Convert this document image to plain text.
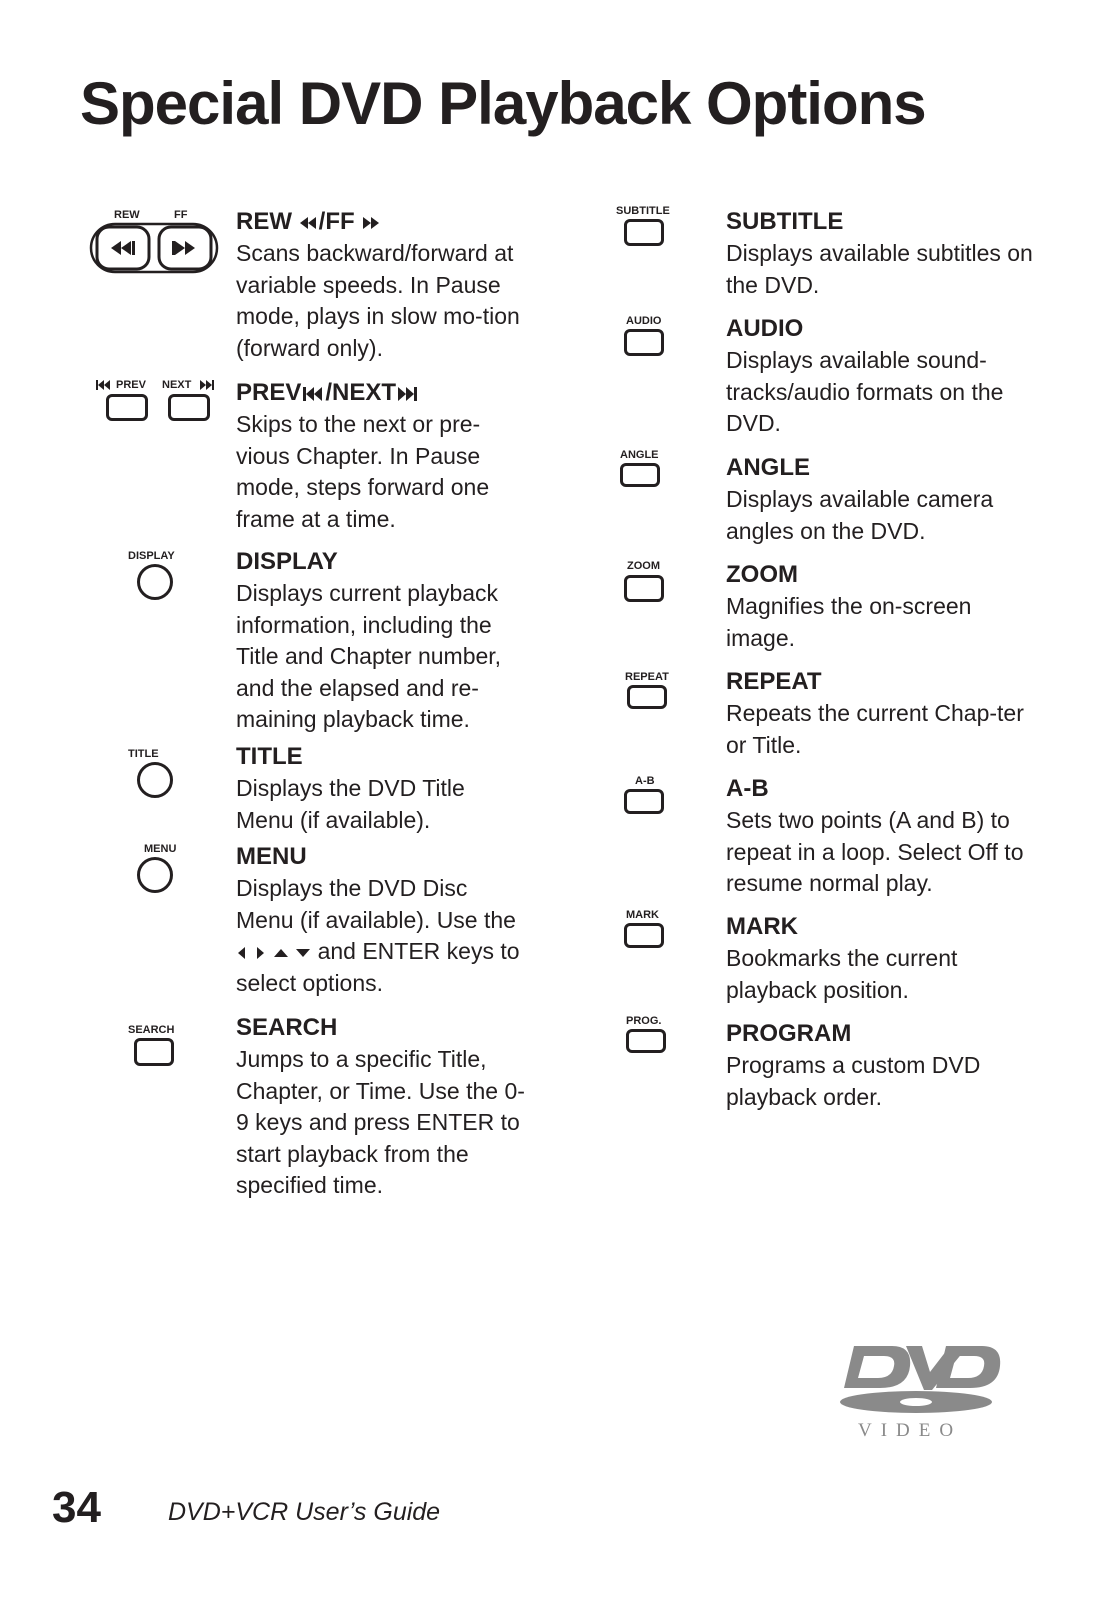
Special DVD Playback Options
REW	FF
PREV NEXT
DISPLAY
TITLE
MENU
SEARCH
REW /FF

Scans backward/forward at variable speeds. In Pause mode, plays in slow mo-tion (forward only).

PREV /NEXT

Skips to the next or pre-vious Chapter. In Pause mode, steps forward one frame at a time.

DISPLAY

Displays current playback information, including the Title and Chapter number, and the elapsed and re-maining playback time.

TITLE

Displays the DVD Title Menu (if available).

MENU

Displays the DVD Disc Menu (if available). Use the     and ENTER keys to select options.

SEARCH

Jumps to a specific Title, Chapter, or Time. Use the 0-9 keys and press ENTER to start playback from the specified time.

SUBTITLE
AUDIO
ANGLE
ZOOM
REPEAT
A-B
MARK
PROG.
SUBTITLE

Displays available subtitles on the DVD.

AUDIO

Displays available sound-tracks/audio formats on the DVD.

ANGLE

Displays available camera angles on the DVD.

ZOOM

Magnifies the on-screen image.

REPEAT

Repeats the current Chap-ter or Title.

A-B

Sets two points (A and B) to repeat in a loop. Select Off to resume normal play.

MARK

Bookmarks the current playback position.

PROGRAM

Programs a custom DVD playback order.

VIDEO
34	DVD+VCR User’s Guide
